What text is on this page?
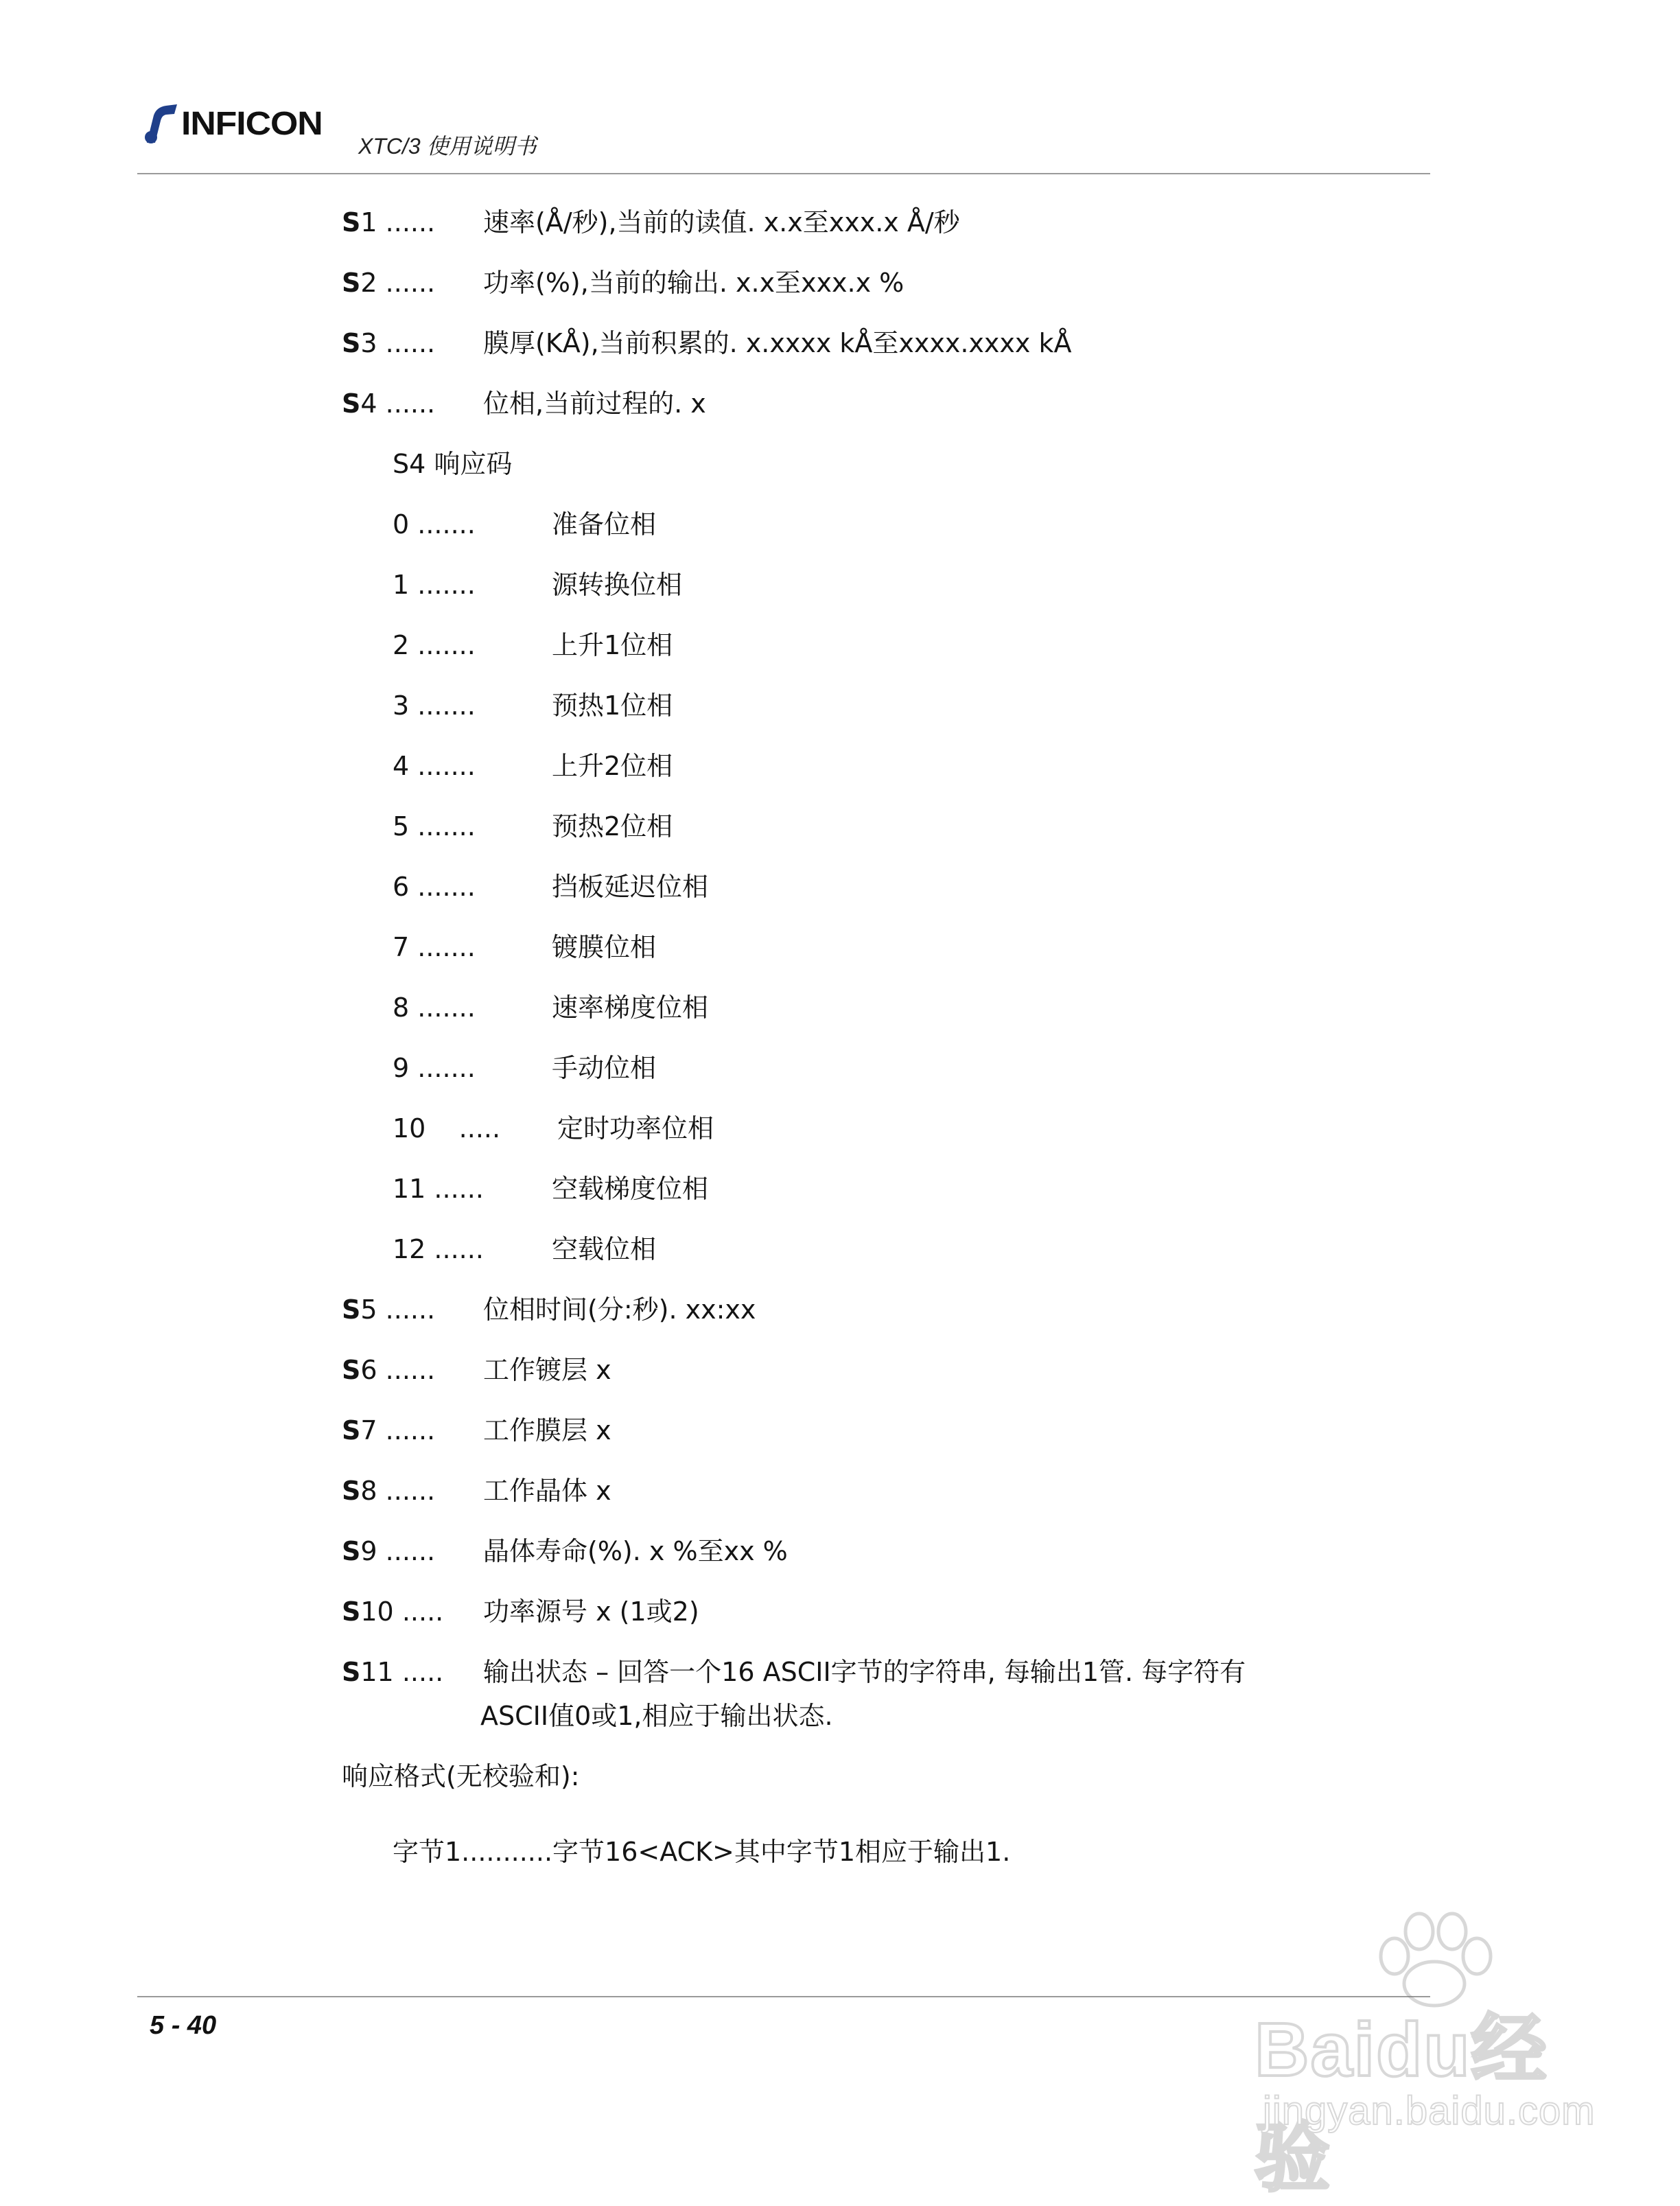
INFICON
XTC/3 使用说明书
S1 ...... 速率(Å/秒),当前的读值. x.x至xxx.x Å/秒
S2 ...... 功率(%),当前的输出. x.x至xxx.x %
S3 ...... 膜厚(KÅ),当前积累的. x.xxxx kÅ至xxxx.xxxx kÅ
S4 ...... 位相,当前过程的. x
S4 响应码
0 .......	准备位相
1 .......	源转换位相
2 .......	上升1位相
3 .......	预热1位相
4 .......	上升2位相
5 .......	预热2位相
6 .......	挡板延迟位相
7 .......	镀膜位相
8 .......	速率梯度位相
9 .......	手动位相
10    ..... 定时功率位相
11 ......	空载梯度位相
12 ......	空载位相
S5 ...... 位相时间(分:秒). xx:xx
S6 ...... 工作镀层 x
S7 ...... 工作膜层 x
S8 ...... 工作晶体 x
S9 ...... 晶体寿命(%). x %至xx %
S10 ..... 功率源号 x (1或2)
S11 ..... 输出状态 – 回答一个16 ASCII字节的字符串, 每输出1管. 每字符有
ASCII值0或1,相应于输出状态.
响应格式(无校验和):
字节1...........字节16<ACK>其中字节1相应于输出1.
5 - 40	Baidu经验
jingyan.baidu.com
